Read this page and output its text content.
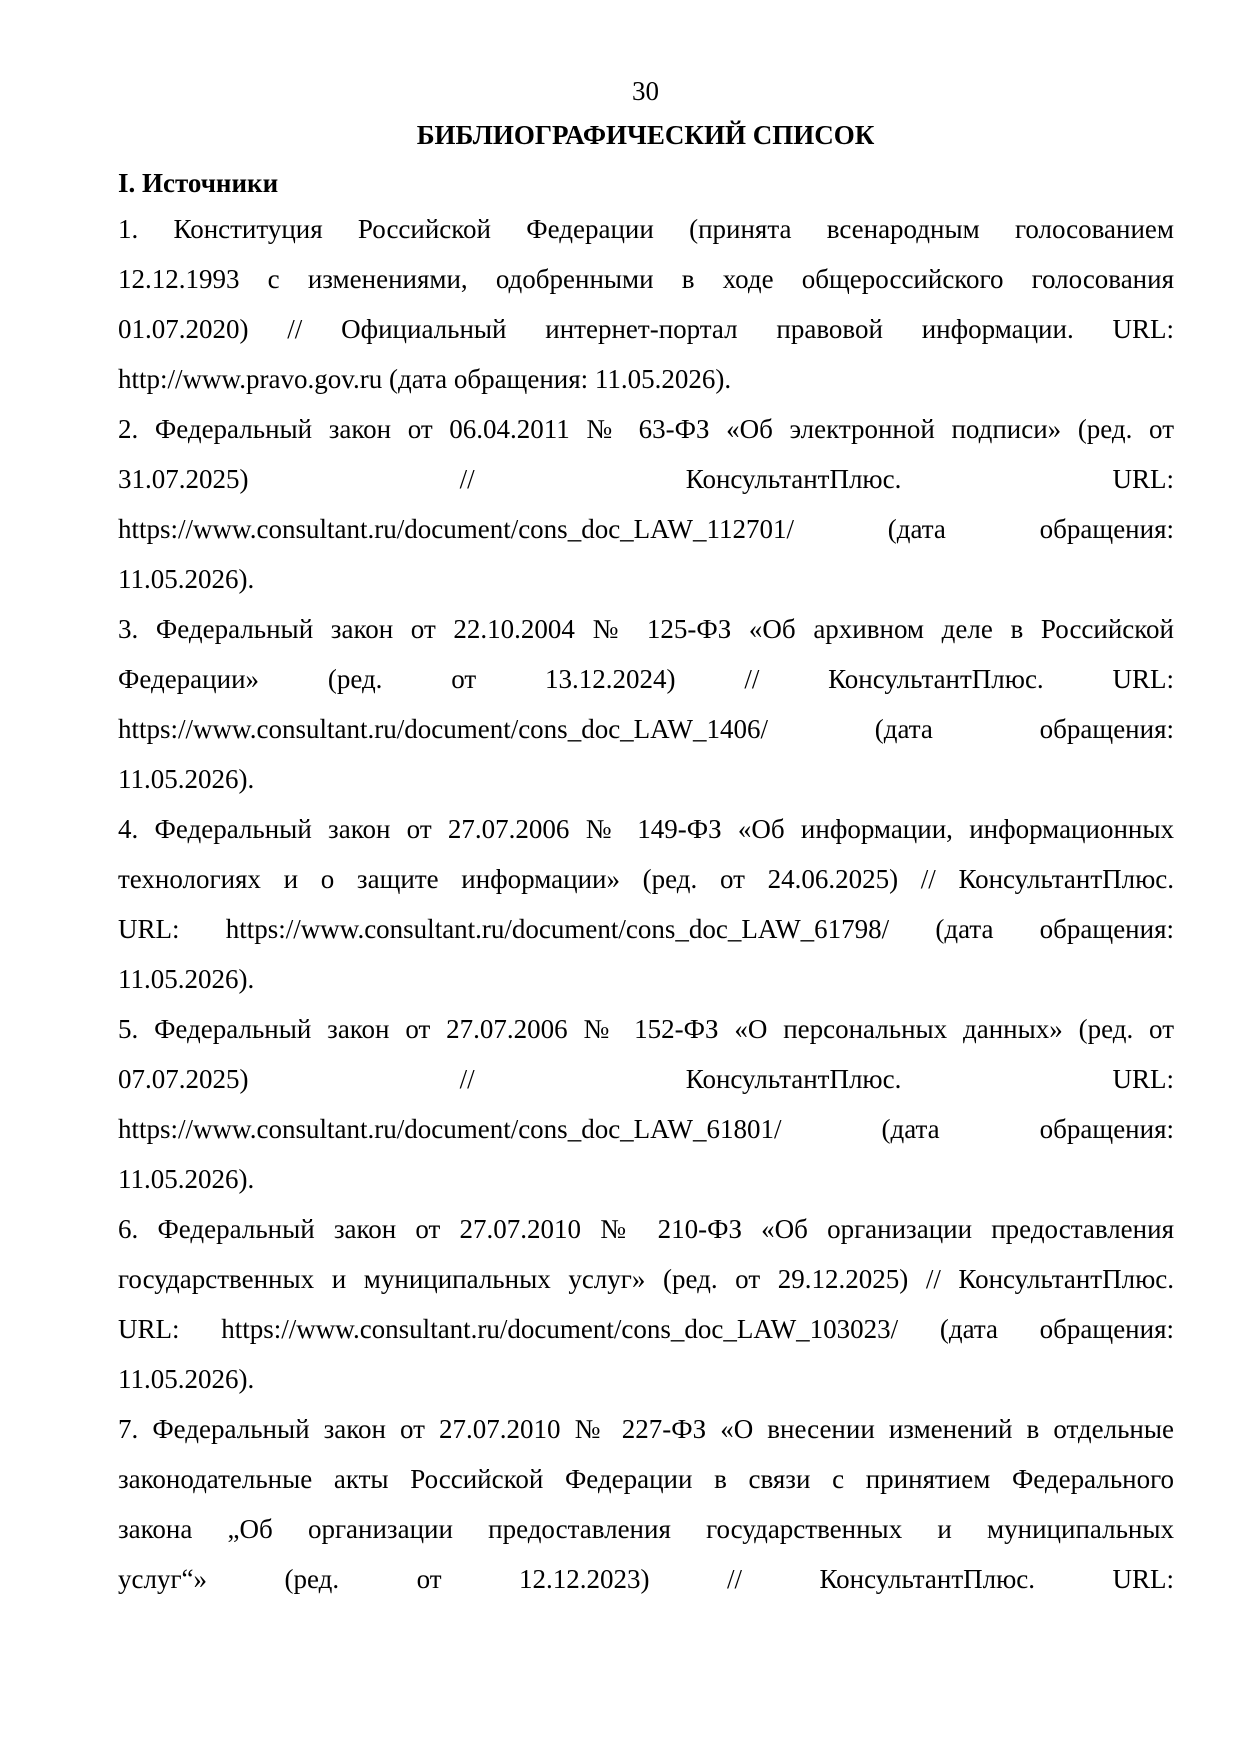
30
БИБЛИОГРАФИЧЕСКИЙ СПИСОК
I. Источники

1. Конституция Российской Федерации (принята всенародным голосованием
12.12.1993 с изменениями, одобренными в ходе общероссийского голосования
01.07.2020) // Официальный интернет-портал правовой информации. URL:
http://www.pravo.gov.ru (дата обращения: 11.05.2026).

2. Федеральный закон от 06.04.2011 № 63-ФЗ «Об электронной подписи» (ред. от
31.07.2025) // КонсультантПлюс. URL:
https://www.consultant.ru/document/cons_doc_LAW_112701/ (дата обращения:
11.05.2026).

3. Федеральный закон от 22.10.2004 № 125-ФЗ «Об архивном деле в Российской
Федерации» (ред. от 13.12.2024) // КонсультантПлюс. URL:
https://www.consultant.ru/document/cons_doc_LAW_1406/ (дата обращения:
11.05.2026).

4. Федеральный закон от 27.07.2006 № 149-ФЗ «Об информации, информационных
технологиях и о защите информации» (ред. от 24.06.2025) // КонсультантПлюс.
URL: https://www.consultant.ru/document/cons_doc_LAW_61798/ (дата обращения:
11.05.2026).

5. Федеральный закон от 27.07.2006 № 152-ФЗ «О персональных данных» (ред. от
07.07.2025) // КонсультантПлюс. URL:
https://www.consultant.ru/document/cons_doc_LAW_61801/ (дата обращения:
11.05.2026).

6. Федеральный закон от 27.07.2010 № 210-ФЗ «Об организации предоставления
государственных и муниципальных услуг» (ред. от 29.12.2025) // КонсультантПлюс.
URL: https://www.consultant.ru/document/cons_doc_LAW_103023/ (дата обращения:
11.05.2026).

7. Федеральный закон от 27.07.2010 № 227-ФЗ «О внесении изменений в отдельные
законодательные акты Российской Федерации в связи с принятием Федерального
закона „Об организации предоставления государственных и муниципальных
услуг“» (ред. от 12.12.2023) // КонсультантПлюс. URL:
